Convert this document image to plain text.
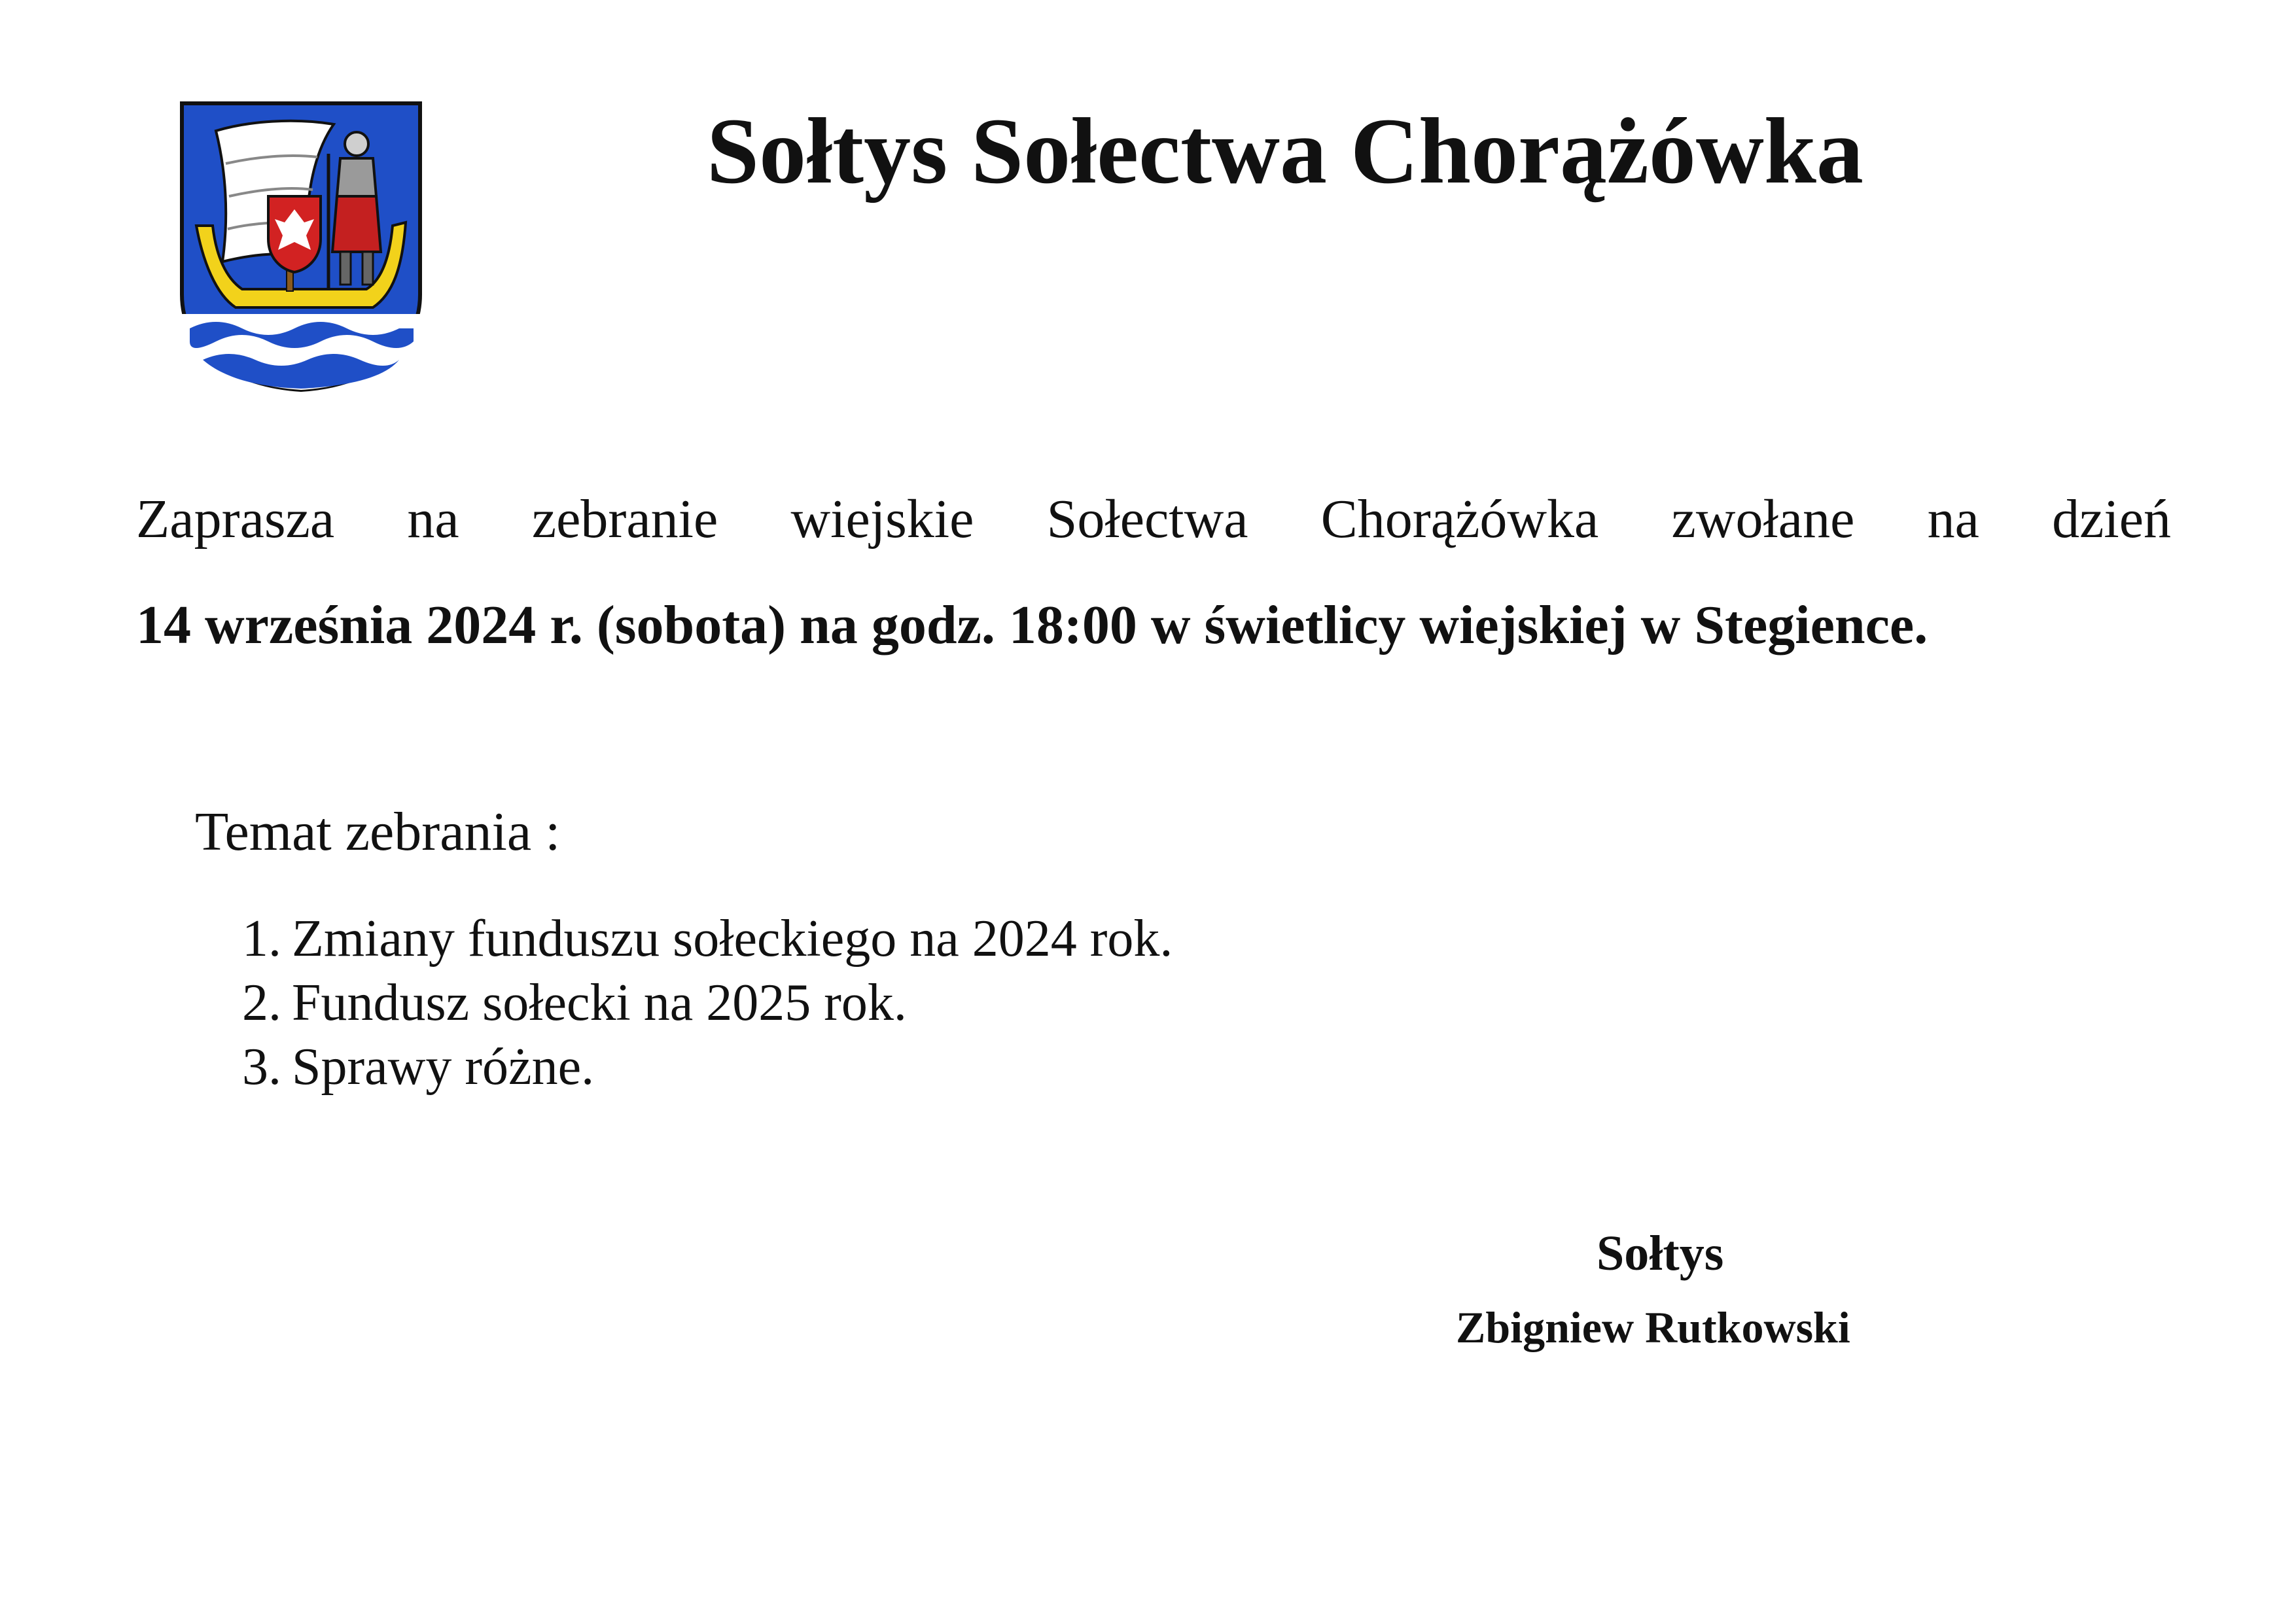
Sołtys Sołectwa Chorążówka
Zaprasza na zebranie wiejskie Sołectwa Chorążówka zwołane na dzień
14 września 2024 r. (sobota) na godz. 18:00 w świetlicy wiejskiej w Stegience.
Temat zebrania :
1. Zmiany funduszu sołeckiego na 2024 rok.
2. Fundusz sołecki na 2025 rok.
3. Sprawy różne.
Sołtys
Zbigniew Rutkowski
